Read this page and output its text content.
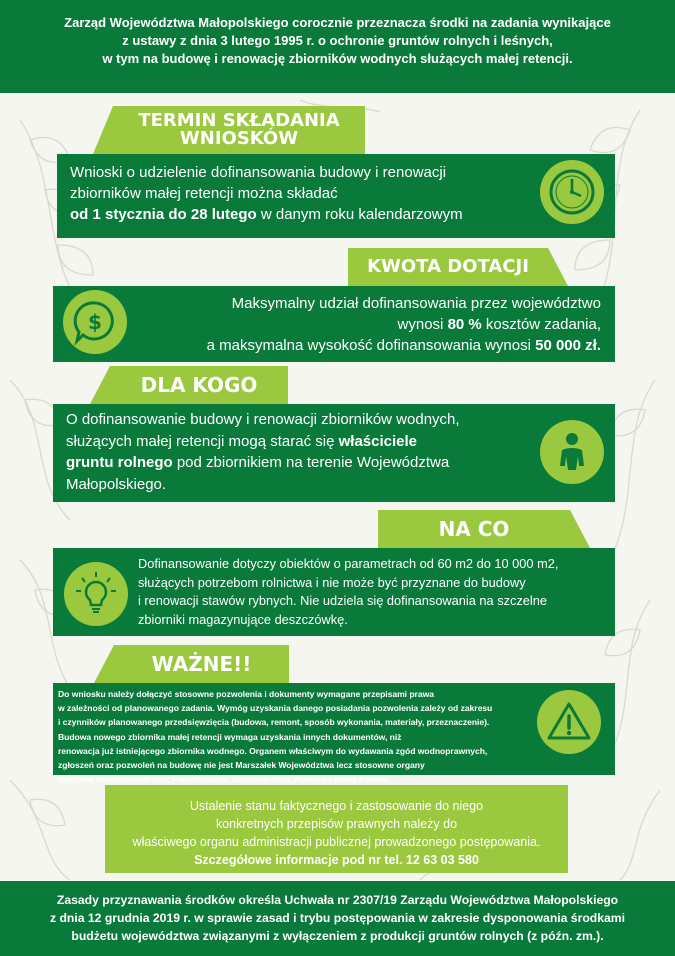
Zarząd Województwa Małopolskiego corocznie przeznacza środki na zadania wynikające
z ustawy z dnia 3 lutego 1995 r. o ochronie gruntów rolnych i leśnych,
w tym na budowę i renowację zbiorników wodnych służących małej retencji.
TERMIN SKŁADANIA
WNIOSKÓW
Wnioski o udzielenie dofinansowania budowy i renowacji
zbiorników małej retencji można składać
od 1 stycznia do 28 lutego w danym roku kalendarzowym
KWOTA DOTACJI
Maksymalny udział dofinansowania przez województwo
wynosi 80 % kosztów zadania,
a maksymalna wysokość dofinansowania wynosi 50 000 zł.
$
DLA KOGO
O dofinansowanie budowy i renowacji zbiorników wodnych,
służących małej retencji mogą starać się właściciele
gruntu rolnego pod zbiornikiem na terenie Województwa
Małopolskiego.
NA CO
Dofinansowanie dotyczy obiektów o parametrach od 60 m2 do 10 000 m2,
służących potrzebom rolnictwa i nie może być przyznane do budowy
i renowacji stawów rybnych. Nie udziela się dofinansowania na szczelne
zbiorniki magazynujące deszczówkę.
WAŻNE!!
Do wniosku należy dołączyć stosowne pozwolenia i dokumenty wymagane przepisami prawa
w zależności od planowanego zadania. Wymóg uzyskania danego posiadania pozwolenia zależy od zakresu
i czynników planowanego przedsięwzięcia (budowa, remont, sposób wykonania, materiały, przeznaczenie).
Budowa nowego zbiornika małej retencji wymaga uzyskania innych dokumentów, niż
renowacja już istniejącego zbiornika wodnego. Organem właściwym do wydawania zgód wodnoprawnych,
zgłoszeń oraz pozwoleń na budowę nie jest Marszałek Województwa lecz stosowne organy
Starostw Powiatowych oraz Państwowego Gospodarstwa Wodnego Wody Polskie.
Ustalenie stanu faktycznego i zastosowanie do niego
konkretnych przepisów prawnych należy do
właściwego organu administracji publicznej prowadzonego postępowania.
Szczegółowe informacje pod nr tel. 12 63 03 580
Zasady przyznawania środków określa Uchwała nr 2307/19 Zarządu Województwa Małopolskiego
z dnia 12 grudnia 2019 r. w sprawie zasad i trybu postępowania w zakresie dysponowania środkami
budżetu województwa związanymi z wyłączeniem z produkcji gruntów rolnych (z późn. zm.).
